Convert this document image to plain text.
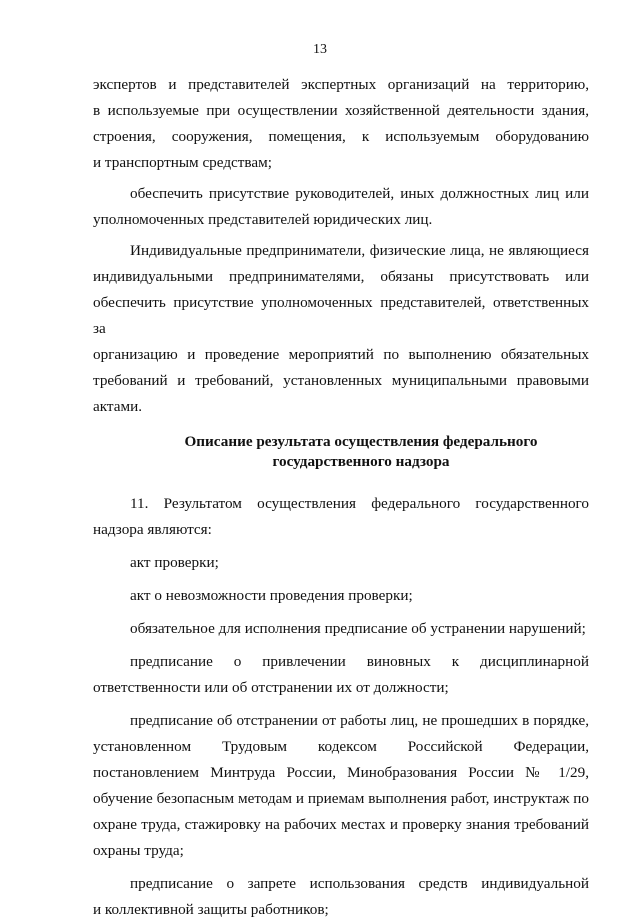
13

экспертов и представителей экспертных организаций на территорию,

в используемые при осуществлении хозяйственной деятельности здания,

строения, сооружения, помещения, к используемым оборудованию

и транспортным средствам;

обеспечить присутствие руководителей, иных должностных лиц или

уполномоченных представителей юридических лиц.

Индивидуальные предприниматели, физические лица, не являющиеся

индивидуальными предпринимателями, обязаны присутствовать или

обеспечить присутствие уполномоченных представителей, ответственных за

организацию и проведение мероприятий по выполнению обязательных

требований и требований, установленных муниципальными правовыми

актами.

Описание результата осуществления федерального
государственного надзора

11. Результатом осуществления федерального государственного

надзора являются:

акт проверки;

акт о невозможности проведения проверки;

обязательное для исполнения предписание об устранении нарушений;

предписание о привлечении виновных к дисциплинарной

ответственности или об отстранении их от должности;

предписание об отстранении от работы лиц, не прошедших в порядке,

установленном Трудовым кодексом Российской Федерации,

постановлением Минтруда России, Минобразования России № 1/29,

обучение безопасным методам и приемам выполнения работ, инструктаж по

охране труда, стажировку на рабочих местах и проверку знания требований

охраны труда;

предписание о запрете использования средств индивидуальной

и коллективной защиты работников;
